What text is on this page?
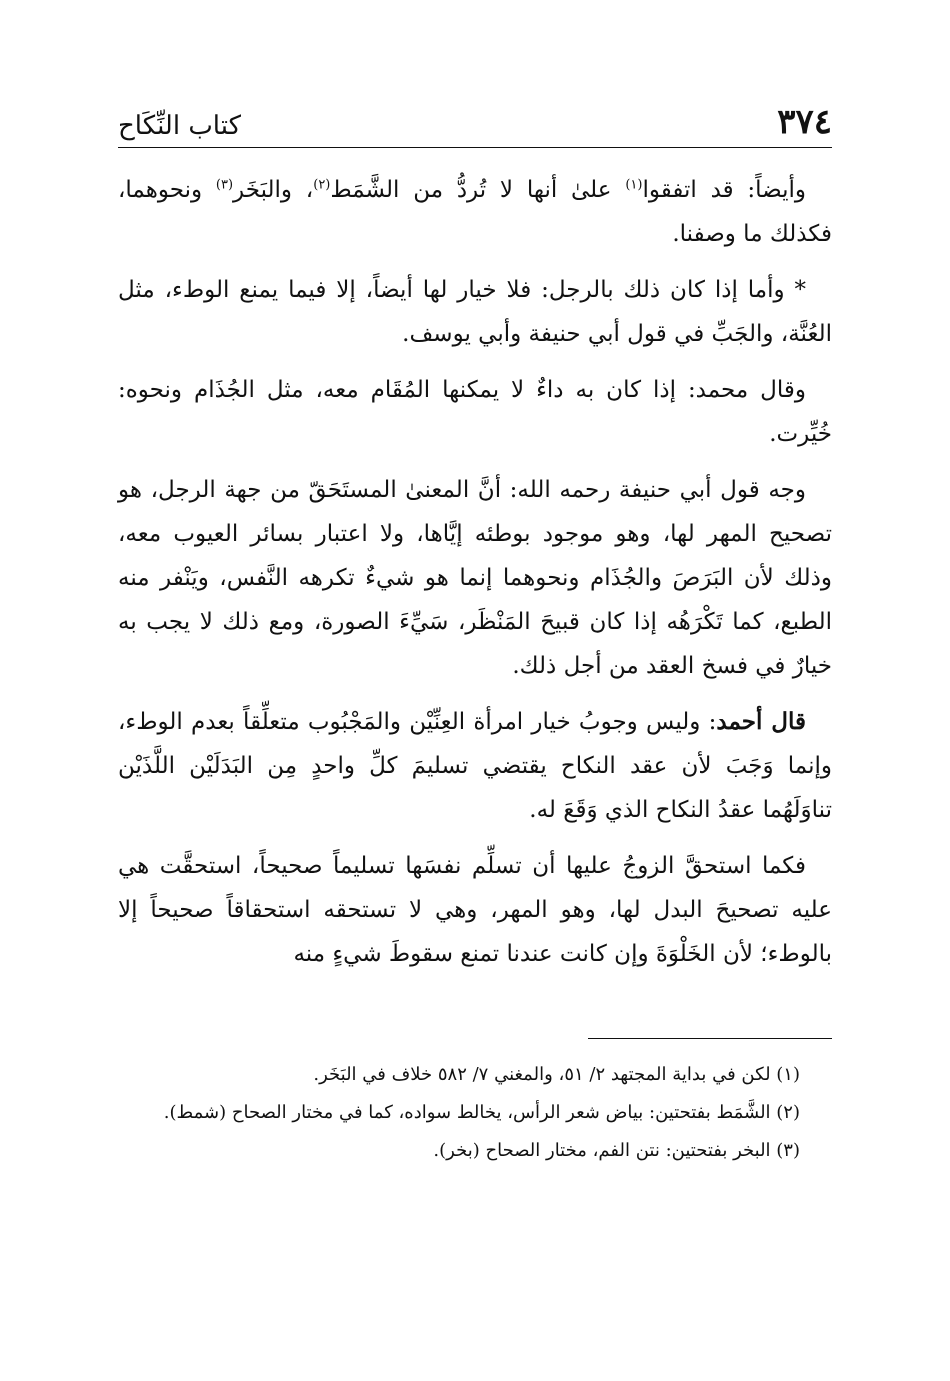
٣٧٤
كتاب النِّكَاح

وأيضاً: قد اتفقوا$^{(١)}$ علىٰ أنها لا تُردُّ من الشَّمَط$^{(٢)}$، والبَخَر$^{(٣)}$ ونحوهما، فكذلك ما وصفنا.

* وأما إذا كان ذلك بالرجل: فلا خيار لها أيضاً، إلا فيما يمنع الوطء، مثل العُنَّة، والجَبِّ في قول أبي حنيفة وأبي يوسف.

وقال محمد: إذا كان به داءٌ لا يمكنها المُقَام معه، مثل الجُذَام ونحوه: خُيِّرت.

وجه قول أبي حنيفة رحمه الله: أنَّ المعنىٰ المستَحَقّ من جهة الرجل، هو تصحيح المهر لها، وهو موجود بوطئه إيَّاها، ولا اعتبار بسائر العيوب معه، وذلك لأن البَرَصَ والجُذَام ونحوهما إنما هو شيءٌ تكرهه النَّفس، ويَنْفر منه الطبع، كما تَكْرَهُه إذا كان قبيحَ المَنْظَر، سَيِّءَ الصورة، ومع ذلك لا يجب به خيارٌ في فسخ العقد من أجل ذلك.

قال أحمد: وليس وجوبُ خيار امرأة العِنِّيْن والمَجْبُوب متعلِّقاً بعدم الوطء، وإنما وَجَبَ لأن عقد النكاح يقتضي تسليمَ كلِّ واحدٍ مِن البَدَلَيْن اللَّذَيْن تناوَلَهُما عقدُ النكاح الذي وَقَعَ له.

فكما استحقَّ الزوجُ عليها أن تسلِّم نفسَها تسليماً صحيحاً، استحقَّت هي عليه تصحيحَ البدل لها، وهو المهر، وهي لا تستحقه استحقاقاً صحيحاً إلا بالوطء؛ لأن الخَلْوَةَ وإن كانت عندنا تمنع سقوطَ شيءٍ منه

(١) لكن في بداية المجتهد ٢/ ٥١، والمغني ٧/ ٥٨٢ خلاف في البَخَر.

(٢) الشَّمَط بفتحتين: بياض شعر الرأس، يخالط سواده، كما في مختار الصحاح (شمط).

(٣) البخر بفتحتين: نتن الفم، مختار الصحاح (بخر).
